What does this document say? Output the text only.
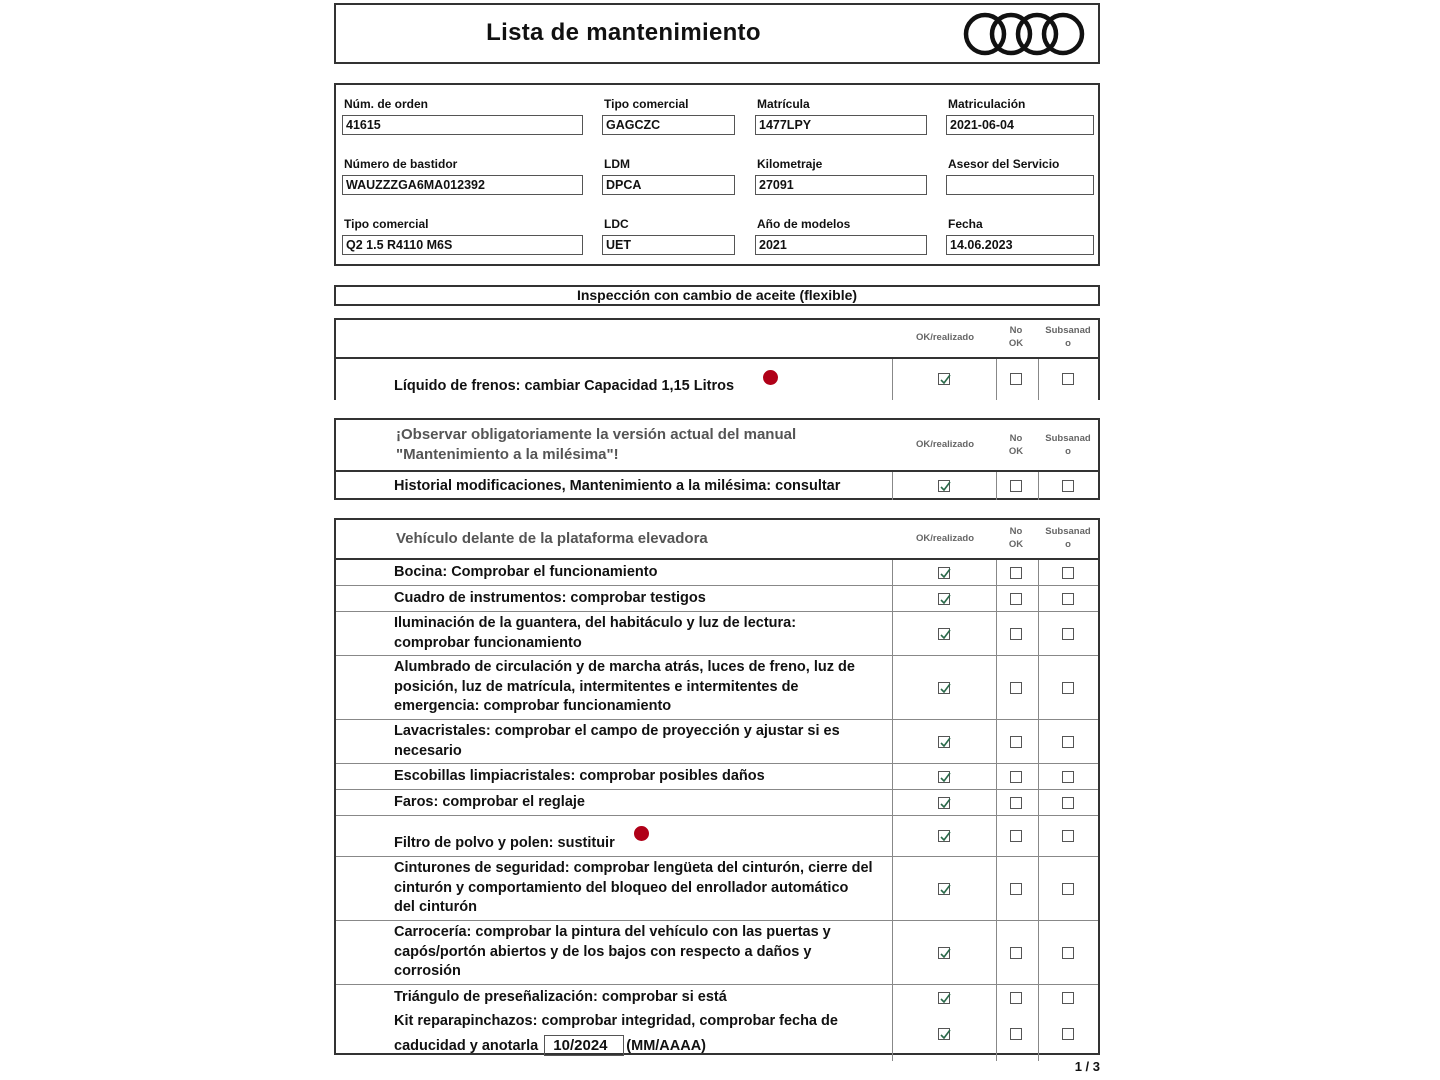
Lista de mantenimiento
Núm. de orden
41615
Tipo comercial
GAGCZC
Matrícula
1477LPY
Matriculación
2021-06-04
Número de bastidor
WAUZZZGA6MA012392
LDM
DPCA
Kilometraje
27091
Asesor del Servicio
Tipo comercial
Q2 1.5 R4110 M6S
LDC
UET
Año de modelos
2021
Fecha
14.06.2023
Inspección con cambio de aceite (flexible)
OK/realizado
No
OK
Subsanad
o
Líquido de frenos: cambiar Capacidad 1,15 Litros
¡Observar obligatoriamente la versión actual del manual
"Mantenimiento a la milésima"!
OK/realizado
No
OK
Subsanad
o
Historial modificaciones, Mantenimiento a la milésima: consultar
Vehículo delante de la plataforma elevadora	OK/realizado
No
OK
Subsanad
o
Bocina: Comprobar el funcionamiento
Cuadro de instrumentos: comprobar testigos
Iluminación de la guantera, del habitáculo y luz de lectura:
comprobar funcionamiento
Alumbrado de circulación y de marcha atrás, luces de freno, luz de
posición, luz de matrícula, intermitentes e intermitentes de
emergencia: comprobar funcionamiento
Lavacristales: comprobar el campo de proyección y ajustar si es
necesario
Escobillas limpiacristales: comprobar posibles daños
Faros: comprobar el reglaje
Filtro de polvo y polen: sustituir
Cinturones de seguridad: comprobar lengüeta del cinturón, cierre del
cinturón y comportamiento del bloqueo del enrollador automático
del cinturón
Carrocería: comprobar la pintura del vehículo con las puertas y
capós/portón abiertos y de los bajos con respecto a daños y
corrosión
Triángulo de preseñalización: comprobar si está
Kit reparapinchazos: comprobar integridad, comprobar fecha de
caducidad y anotarla 10/2024 (MM/AAAA)
1 / 3
